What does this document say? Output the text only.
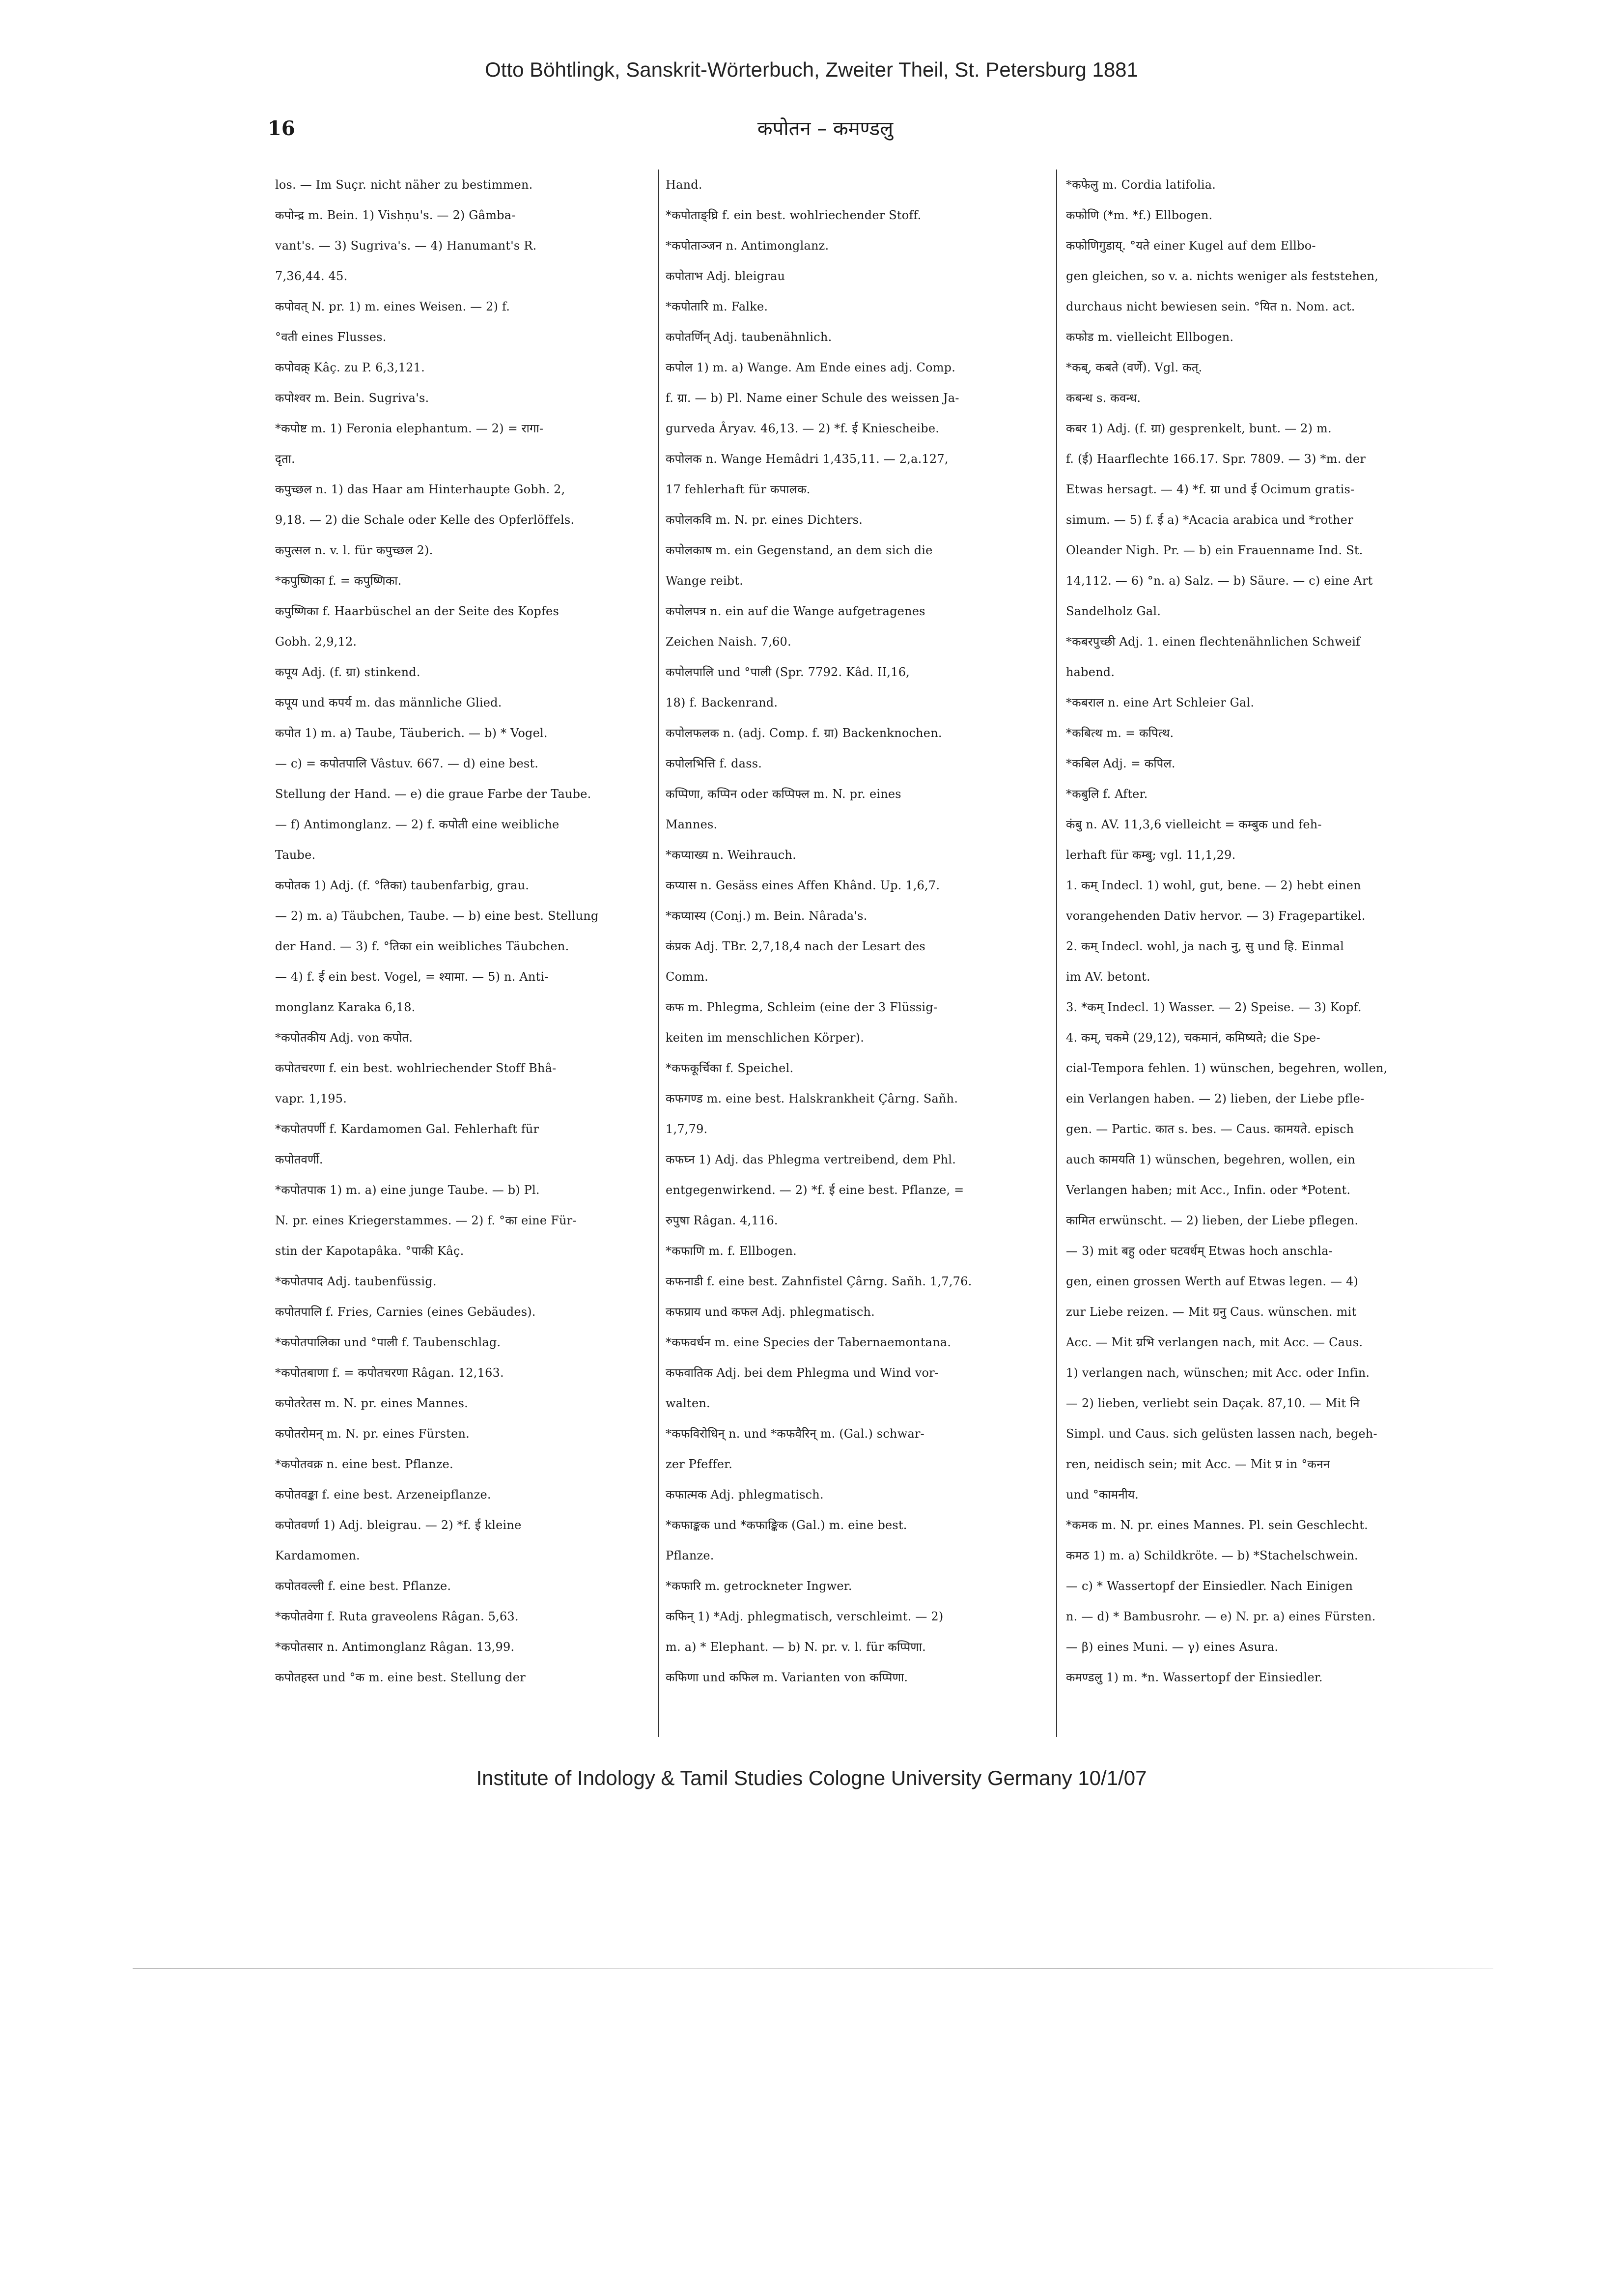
Otto Böhtlingk, Sanskrit-Wörterbuch, Zweiter Theil, St. Petersburg 1881
16	कपोतन – कमण्डलु
los. — Im Suçr. nicht näher zu bestimmen.
कपोन्द्र m. Bein. 1) Vishṇu's. — 2) Gâmba-
vant's. — 3) Sugriva's. — 4) Hanumant's R.
7,36,44. 45.
कपोवत् N. pr. 1) m. eines Weisen. — 2) f.
°वती eines Flusses.
कपोवक्र् Kâç. zu P. 6,3,121.
कपोश्वर m. Bein. Sugriva's.
*कपोष्ट m. 1) Feronia elephantum. — 2) = रागा-
दृता.
कपुच्छल n. 1) das Haar am Hinterhaupte Gobh. 2,
9,18. — 2) die Schale oder Kelle des Opferlöffels.
कपुत्सल n. v. l. für कपुच्छल 2).
*कपुष्णिका f. = कपुष्णिका.
कपुष्णिका f. Haarbüschel an der Seite des Kopfes
Gobh. 2,9,12.
कपूय Adj. (f. ग्रा) stinkend.
कपूय und कपर्य m. das männliche Glied.
कपोत 1) m. a) Taube, Täuberich. — b) * Vogel.
— c) = कपोतपालि Vâstuv. 667. — d) eine best.
Stellung der Hand. — e) die graue Farbe der Taube.
— f) Antimonglanz. — 2) f. कपोती eine weibliche
Taube.
कपोतक 1) Adj. (f. °तिका) taubenfarbig, grau.
— 2) m. a) Täubchen, Taube. — b) eine best. Stellung
der Hand. — 3) f. °तिका ein weibliches Täubchen.
— 4) f. ई ein best. Vogel, = श्यामा. — 5) n. Anti-
monglanz Karaka 6,18.
*कपोतकीय Adj. von कपोत.
कपोतचरणा f. ein best. wohlriechender Stoff Bhâ-
vapr. 1,195.
*कपोतपर्णी f. Kardamomen Gal. Fehlerhaft für
कपोतवर्णी.
*कपोतपाक 1) m. a) eine junge Taube. — b) Pl.
N. pr. eines Kriegerstammes. — 2) f. °का eine Für-
stin der Kapotapâka. °पाकी Kâç.
*कपोतपाद Adj. taubenfüssig.
कपोतपालि f. Fries, Carnies (eines Gebäudes).
*कपोतपालिका und °पाली f. Taubenschlag.
*कपोतबाणा f. = कपोतचरणा Râgan. 12,163.
कपोतरेतस m. N. pr. eines Mannes.
कपोतरोमन् m. N. pr. eines Fürsten.
*कपोतवक्र n. eine best. Pflanze.
कपोतवङ्का f. eine best. Arzeneipflanze.
कपोतवर्णा 1) Adj. bleigrau. — 2) *f. ई kleine
Kardamomen.
कपोतवल्ली f. eine best. Pflanze.
*कपोतवेगा f. Ruta graveolens Râgan. 5,63.
*कपोतसार n. Antimonglanz Râgan. 13,99.
कपोतहस्त und °क m. eine best. Stellung der
Hand.
*कपोताङ्घ्रि f. ein best. wohlriechender Stoff.
*कपोताञ्जन n. Antimonglanz.
कपोताभ Adj. bleigrau
*कपोतारि m. Falke.
कपोतर्णिन् Adj. taubenähnlich.
कपोल 1) m. a) Wange. Am Ende eines adj. Comp.
f. ग्रा. — b) Pl. Name einer Schule des weissen Ja-
gurveda Âryav. 46,13. — 2) *f. ई Kniescheibe.
कपोलक n. Wange Hemâdri 1,435,11. — 2,a.127,
17 fehlerhaft für कपालक.
कपोलकवि m. N. pr. eines Dichters.
कपोलकाष m. ein Gegenstand, an dem sich die
Wange reibt.
कपोलपत्र n. ein auf die Wange aufgetragenes
Zeichen Naish. 7,60.
कपोलपालि und °पाली (Spr. 7792. Kâd. II,16,
18) f. Backenrand.
कपोलफलक n. (adj. Comp. f. ग्रा) Backenknochen.
कपोलभित्ति f. dass.
कप्पिणा, कप्पिन oder कप्पिफ्ल m. N. pr. eines
Mannes.
*कप्याख्य n. Weihrauch.
कप्यास n. Gesäss eines Affen Khând. Up. 1,6,7.
*कप्यास्य (Conj.) m. Bein. Nârada's.
कंप्रक Adj. TBr. 2,7,18,4 nach der Lesart des
Comm.
कफ m. Phlegma, Schleim (eine der 3 Flüssig-
keiten im menschlichen Körper).
*कफकूर्चिका f. Speichel.
कफगण्ड m. eine best. Halskrankheit Çârng. Sañh.
1,7,79.
कफघ्न 1) Adj. das Phlegma vertreibend, dem Phl.
entgegenwirkend. — 2) *f. ई eine best. Pflanze, =
रुपुषा Râgan. 4,116.
*कफाणि m. f. Ellbogen.
कफनाडी f. eine best. Zahnfistel Çârng. Sañh. 1,7,76.
कफप्राय und कफल Adj. phlegmatisch.
*कफवर्धन m. eine Species der Tabernaemontana.
कफवातिक Adj. bei dem Phlegma und Wind vor-
walten.
*कफविरोधिन् n. und *कफवैरिन् m. (Gal.) schwar-
zer Pfeffer.
कफात्मक Adj. phlegmatisch.
*कफाङ्कक und *कफाङ्किक (Gal.) m. eine best.
Pflanze.
*कफारि m. getrockneter Ingwer.
कफिन् 1) *Adj. phlegmatisch, verschleimt. — 2)
m. a) * Elephant. — b) N. pr. v. l. für कप्पिणा.
कफिणा und कफिल m. Varianten von कप्पिणा.
*कफेलु m. Cordia latifolia.
कफोणि (*m. *f.) Ellbogen.
कफोणिगुडाय्. °यते einer Kugel auf dem Ellbo-
gen gleichen, so v. a. nichts weniger als feststehen,
durchaus nicht bewiesen sein. °यित n. Nom. act.
कफोड m. vielleicht Ellbogen.
*कब्, कबते (वर्णे). Vgl. कत्.
कबन्ध s. कवन्ध.
कबर 1) Adj. (f. ग्रा) gesprenkelt, bunt. — 2) m.
f. (ई) Haarflechte 166.17. Spr. 7809. — 3) *m. der
Etwas hersagt. — 4) *f. ग्रा und ई Ocimum gratis-
simum. — 5) f. ई a) *Acacia arabica und *rother
Oleander Nigh. Pr. — b) ein Frauenname Ind. St.
14,112. — 6) °n. a) Salz. — b) Säure. — c) eine Art
Sandelholz Gal.
*कबरपुच्छी Adj. 1. einen flechtenähnlichen Schweif
habend.
*कबराल n. eine Art Schleier Gal.
*कबित्थ m. = कपित्थ.
*कबिल Adj. = कपिल.
*कबुलि f. After.
कंबु n. AV. 11,3,6 vielleicht = कम्बुक und feh-
lerhaft für कम्बु; vgl. 11,1,29.
1. कम् Indecl. 1) wohl, gut, bene. — 2) hebt einen
vorangehenden Dativ hervor. — 3) Fragepartikel.
2. कम् Indecl. wohl, ja nach नु, सु und हि. Einmal
im AV. betont.
3. *कम् Indecl. 1) Wasser. — 2) Speise. — 3) Kopf.
4. कम्, चकमे (29,12), चकमानं, कमिष्यते; die Spe-
cial-Tempora fehlen. 1) wünschen, begehren, wollen,
ein Verlangen haben. — 2) lieben, der Liebe pfle-
gen. — Partic. कात s. bes. — Caus. कामयते. episch
auch कामयति 1) wünschen, begehren, wollen, ein
Verlangen haben; mit Acc., Infin. oder *Potent.
कामित erwünscht. — 2) lieben, der Liebe pflegen.
— 3) mit बहु oder घटवर्धम् Etwas hoch anschla-
gen, einen grossen Werth auf Etwas legen. — 4)
zur Liebe reizen. — Mit ग्रनु Caus. wünschen. mit
Acc. — Mit ग्रभि verlangen nach, mit Acc. — Caus.
1) verlangen nach, wünschen; mit Acc. oder Infin.
— 2) lieben, verliebt sein Daçak. 87,10. — Mit नि
Simpl. und Caus. sich gelüsten lassen nach, begeh-
ren, neidisch sein; mit Acc. — Mit प्र in °कनन
und °कामनीय.
*कमक m. N. pr. eines Mannes. Pl. sein Geschlecht.
कमठ 1) m. a) Schildkröte. — b) *Stachelschwein.
— c) * Wassertopf der Einsiedler. Nach Einigen
n. — d) * Bambusrohr. — e) N. pr. a) eines Fürsten.
— β) eines Muni. — γ) eines Asura.
कमण्डलु 1) m. *n. Wassertopf der Einsiedler.
Institute of Indology & Tamil Studies Cologne University Germany 10/1/07
